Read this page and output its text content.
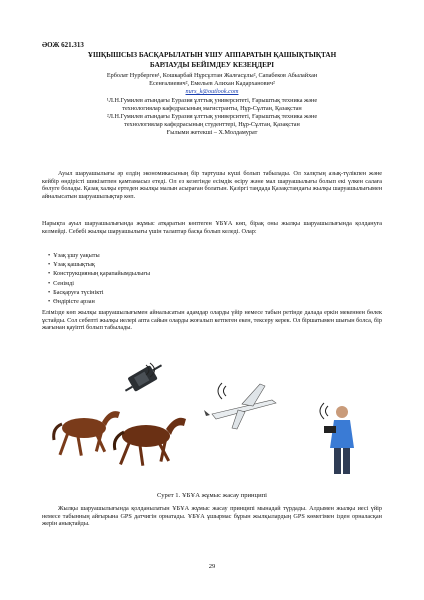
ӘОЖ 621.313
ҰШҚЫШСЫЗ БАСҚАРЫЛАТЫН ҰШУ АППАРАТЫН ҚАШЫҚТЫҚТАН
БАРЛАУДЫ БЕЙІМДЕУ КЕЗЕҢДЕРІ
Ерболат Нурберген¹, Кошкарбай Нұрсұлтан Жалғасұлы², Сапабеков Абылайхан
Есенғалиевич², Емельев Алихан Кадарханович²
nurs_k@outlook.com
¹Л.Н.Гумилев атындағы Еуразия ұлттық университеті, Ғарыштық техника және
технологиялар кафедрасының магистранты, Нұр-Сұлтан, Қазақстан
²Л.Н.Гумилев атындағы Еуразия ұлттық университеті, Ғарыштық техника және
технологиялар кафедрасының студенттері, Нұр-Сұлтан, Қазақстан
Ғылыми жетекші – Х.Молдамурат

Ауыл шаруашылығы әр елдің экономикасының бір тартушы күші болып табылады. Ол халқтың азық-түлікпен және кейбір өндірісті шикізатпен қамтамасыз етеді. Ол ез кезегінде есімдік өсіру және мал шаруашылығы болып екі үлкен салаға бөлуге болады. Қазақ халқы ертеден жылқы малын асыраған болатын. Қазіргі таңдада Қазақстандағы жылқы шаруашылығымен айналысатын шаруашылықтар көп.

Нарықта ауыл шаруашылығында жұмыс атқаратын көптеген ҰБҰА көп, бірақ оны жылқы шаруашылығында қолдануға келмейді. Себебі жылқы шаруашылығы үшін талаптар басқа болып келеді. Олар:

• Ұзақ ұшу уақыты
• Ұзақ қашықтық
• Конструкцияның қарапайымдылығы
• Сенімді
• Басқаруға түсінікті
• Өндірісте арзан

Еліміздe көп жылқы шаруашылығымен айналысатын адамдар оларды үйір немесе табын ретінде далада еркін мекеннен бөлек ұстайды. Сол себепті жылқы иелері апта сайын оларды жоғалып кетпеген екен, тексеру керек. Ол біршатымен шығын болса, бір жағынан қауіпті болып табылады.

Сурет 1. ҰБҰА жұмыс жасау принципі

Жылқы шаруашылығында қолданылатын ҰБҰА жұмыс жасау принципі мынадай түрдады. Алдымен жылқы иесі үйір немесе табынның айғырына GPS датчигін орнатады. ҰБҰА ұшырмас бұрын жылқылардың GPS көмегімен ізден орналасқан жерін анықтайды.

29
